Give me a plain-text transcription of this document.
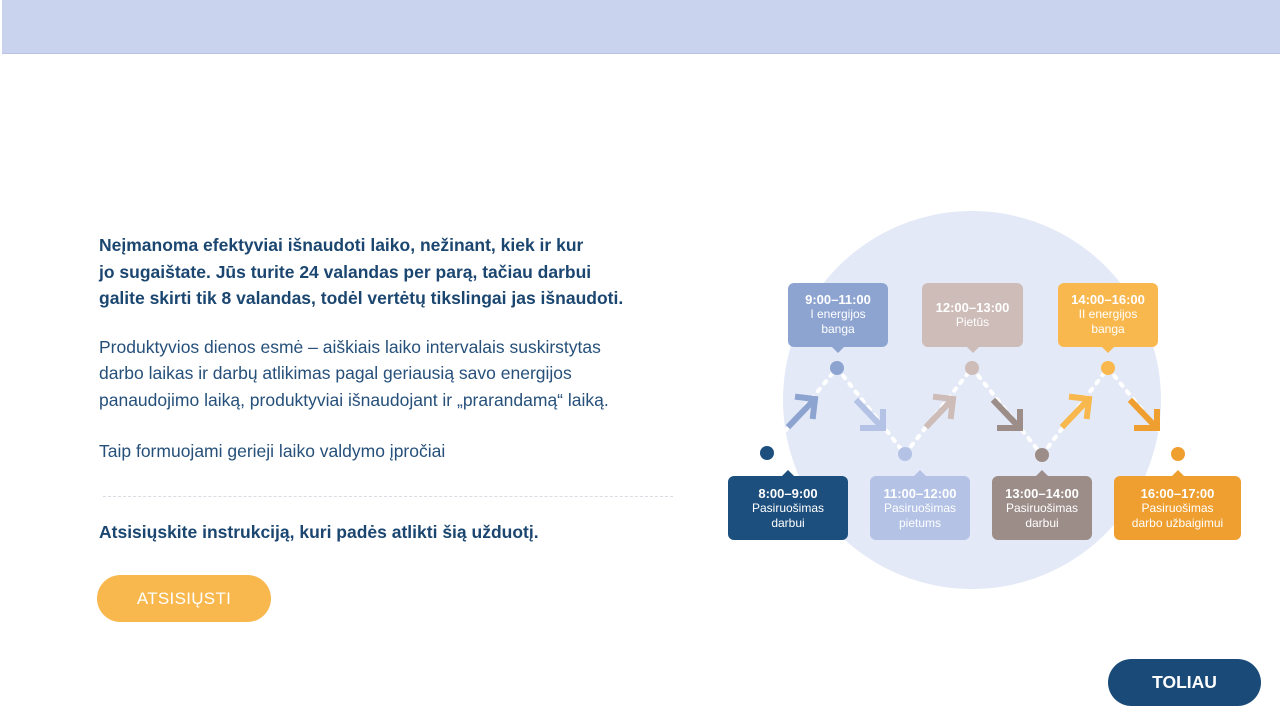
Neįmanoma efektyviai išnaudoti laiko, nežinant, kiek ir kur
jo sugaištate. Jūs turite 24 valandas per parą, tačiau darbui
galite skirti tik 8 valandas, todėl vertėtų tikslingai jas išnaudoti.
Produktyvios dienos esmė – aiškiais laiko intervalais suskirstytas
darbo laikas ir darbų atlikimas pagal geriausią savo energijos
panaudojimo laiką, produktyviai išnaudojant ir „prarandamą“ laiką.
Taip formuojami gerieji laiko valdymo įpročiai
Atsisiųskite instrukciją, kuri padės atlikti šią užduotį.
ATSISIŲSTI
8:00–9:00
Pasiruošimas
darbui
9:00–11:00
I energijos
banga
11:00–12:00
Pasiruošimas
pietums
12:00–13:00
Pietūs
13:00–14:00
Pasiruošimas
darbui
14:00–16:00
II energijos
banga
16:00–17:00
Pasiruošimas
darbo užbaigimui
TOLIAU
